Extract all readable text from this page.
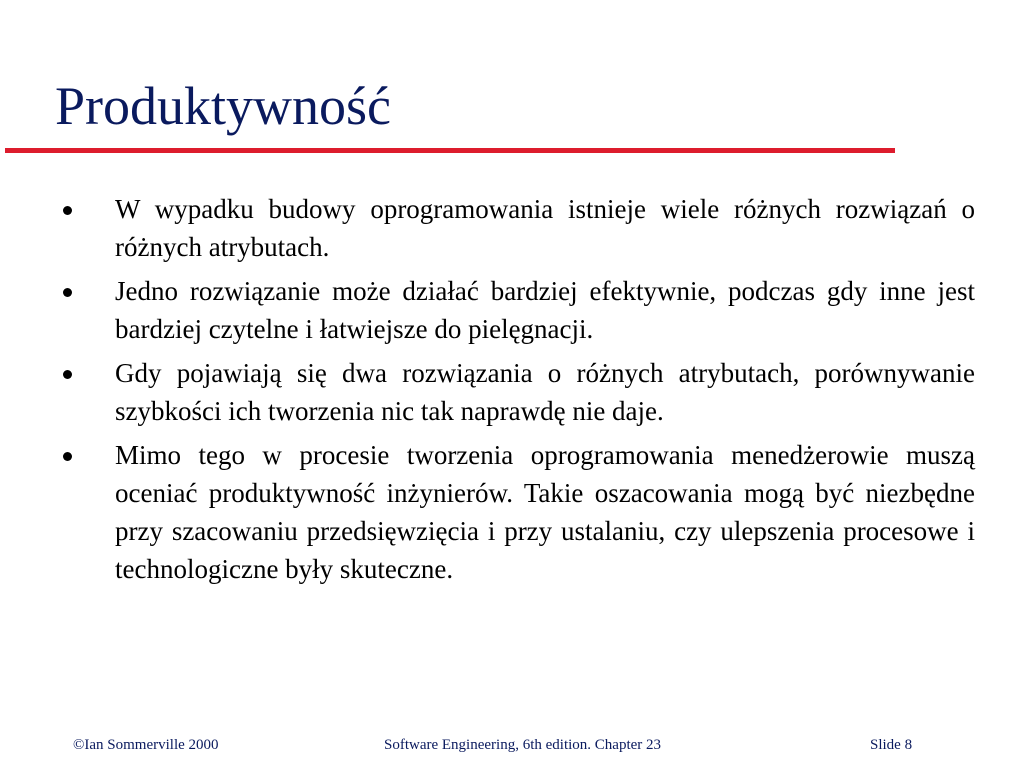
Produktywność
W wypadku budowy oprogramowania istnieje wiele różnych rozwiązań o różnych atrybutach.
Jedno rozwiązanie może działać bardziej efektywnie, podczas gdy inne jest bardziej czytelne i łatwiejsze do pielęgnacji.
Gdy pojawiają się dwa rozwiązania o różnych atrybutach, porównywanie szybkości ich tworzenia nic tak naprawdę nie daje.
Mimo tego w procesie tworzenia oprogramowania menedżerowie muszą oceniać produktywność inżynierów. Takie oszacowania mogą być niezbędne przy szacowaniu przedsięwzięcia i przy ustalaniu, czy ulepszenia procesowe i technologiczne były skuteczne.
©Ian Sommerville 2000	Software Engineering, 6th edition. Chapter 23	Slide 8
